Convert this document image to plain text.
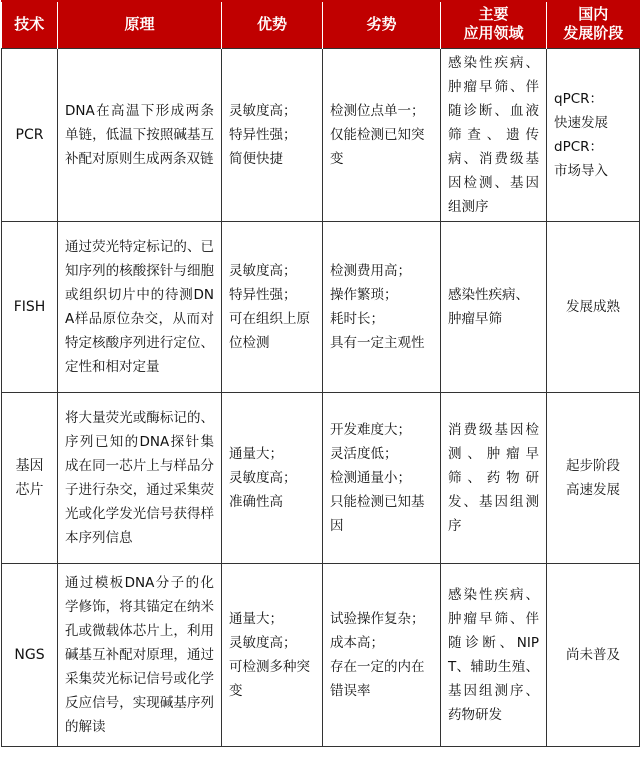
技术	原理	优势	劣势	主要
应用领域	国内
发展阶段
PCR	DNA在高温下形成两条单链，低温下按照碱基互补配对原则生成两条双链	灵敏度高；
特异性强；
简便快捷	检测位点单一；
仅能检测已知突变	感染性疾病、肿瘤早筛、伴随诊断、血液筛查、遗传病、消费级基因检测、基因组测序	qPCR：
快速发展
dPCR：
市场导入
FISH	通过荧光特定标记的、已知序列的核酸探针与细胞或组织切片中的待测DNA样品原位杂交，从而对特定核酸序列进行定位、定性和相对定量	灵敏度高；
特异性强；
可在组织上原位检测	检测费用高；
操作繁琐；
耗时长；
具有一定主观性	感染性疾病、
肿瘤早筛	发展成熟
基因
芯片	将大量荧光或酶标记的、序列已知的DNA探针集成在同一芯片上与样品分子进行杂交，通过采集荧光或化学发光信号获得样本序列信息	通量大；
灵敏度高；
准确性高	开发难度大；
灵活度低；
检测通量小；
只能检测已知基因	消费级基因检测、肿瘤早筛、药物研发、基因组测序	起步阶段
高速发展
NGS	通过模板DNA分子的化学修饰，将其锚定在纳米孔或微载体芯片上，利用碱基互补配对原理，通过采集荧光标记信号或化学反应信号，实现碱基序列的解读	通量大；
灵敏度高；
可检测多种突变	试验操作复杂；
成本高；
存在一定的内在错误率	感染性疾病、肿瘤早筛、伴随诊断、NIPT、辅助生殖、基因组测序、药物研发	尚未普及
